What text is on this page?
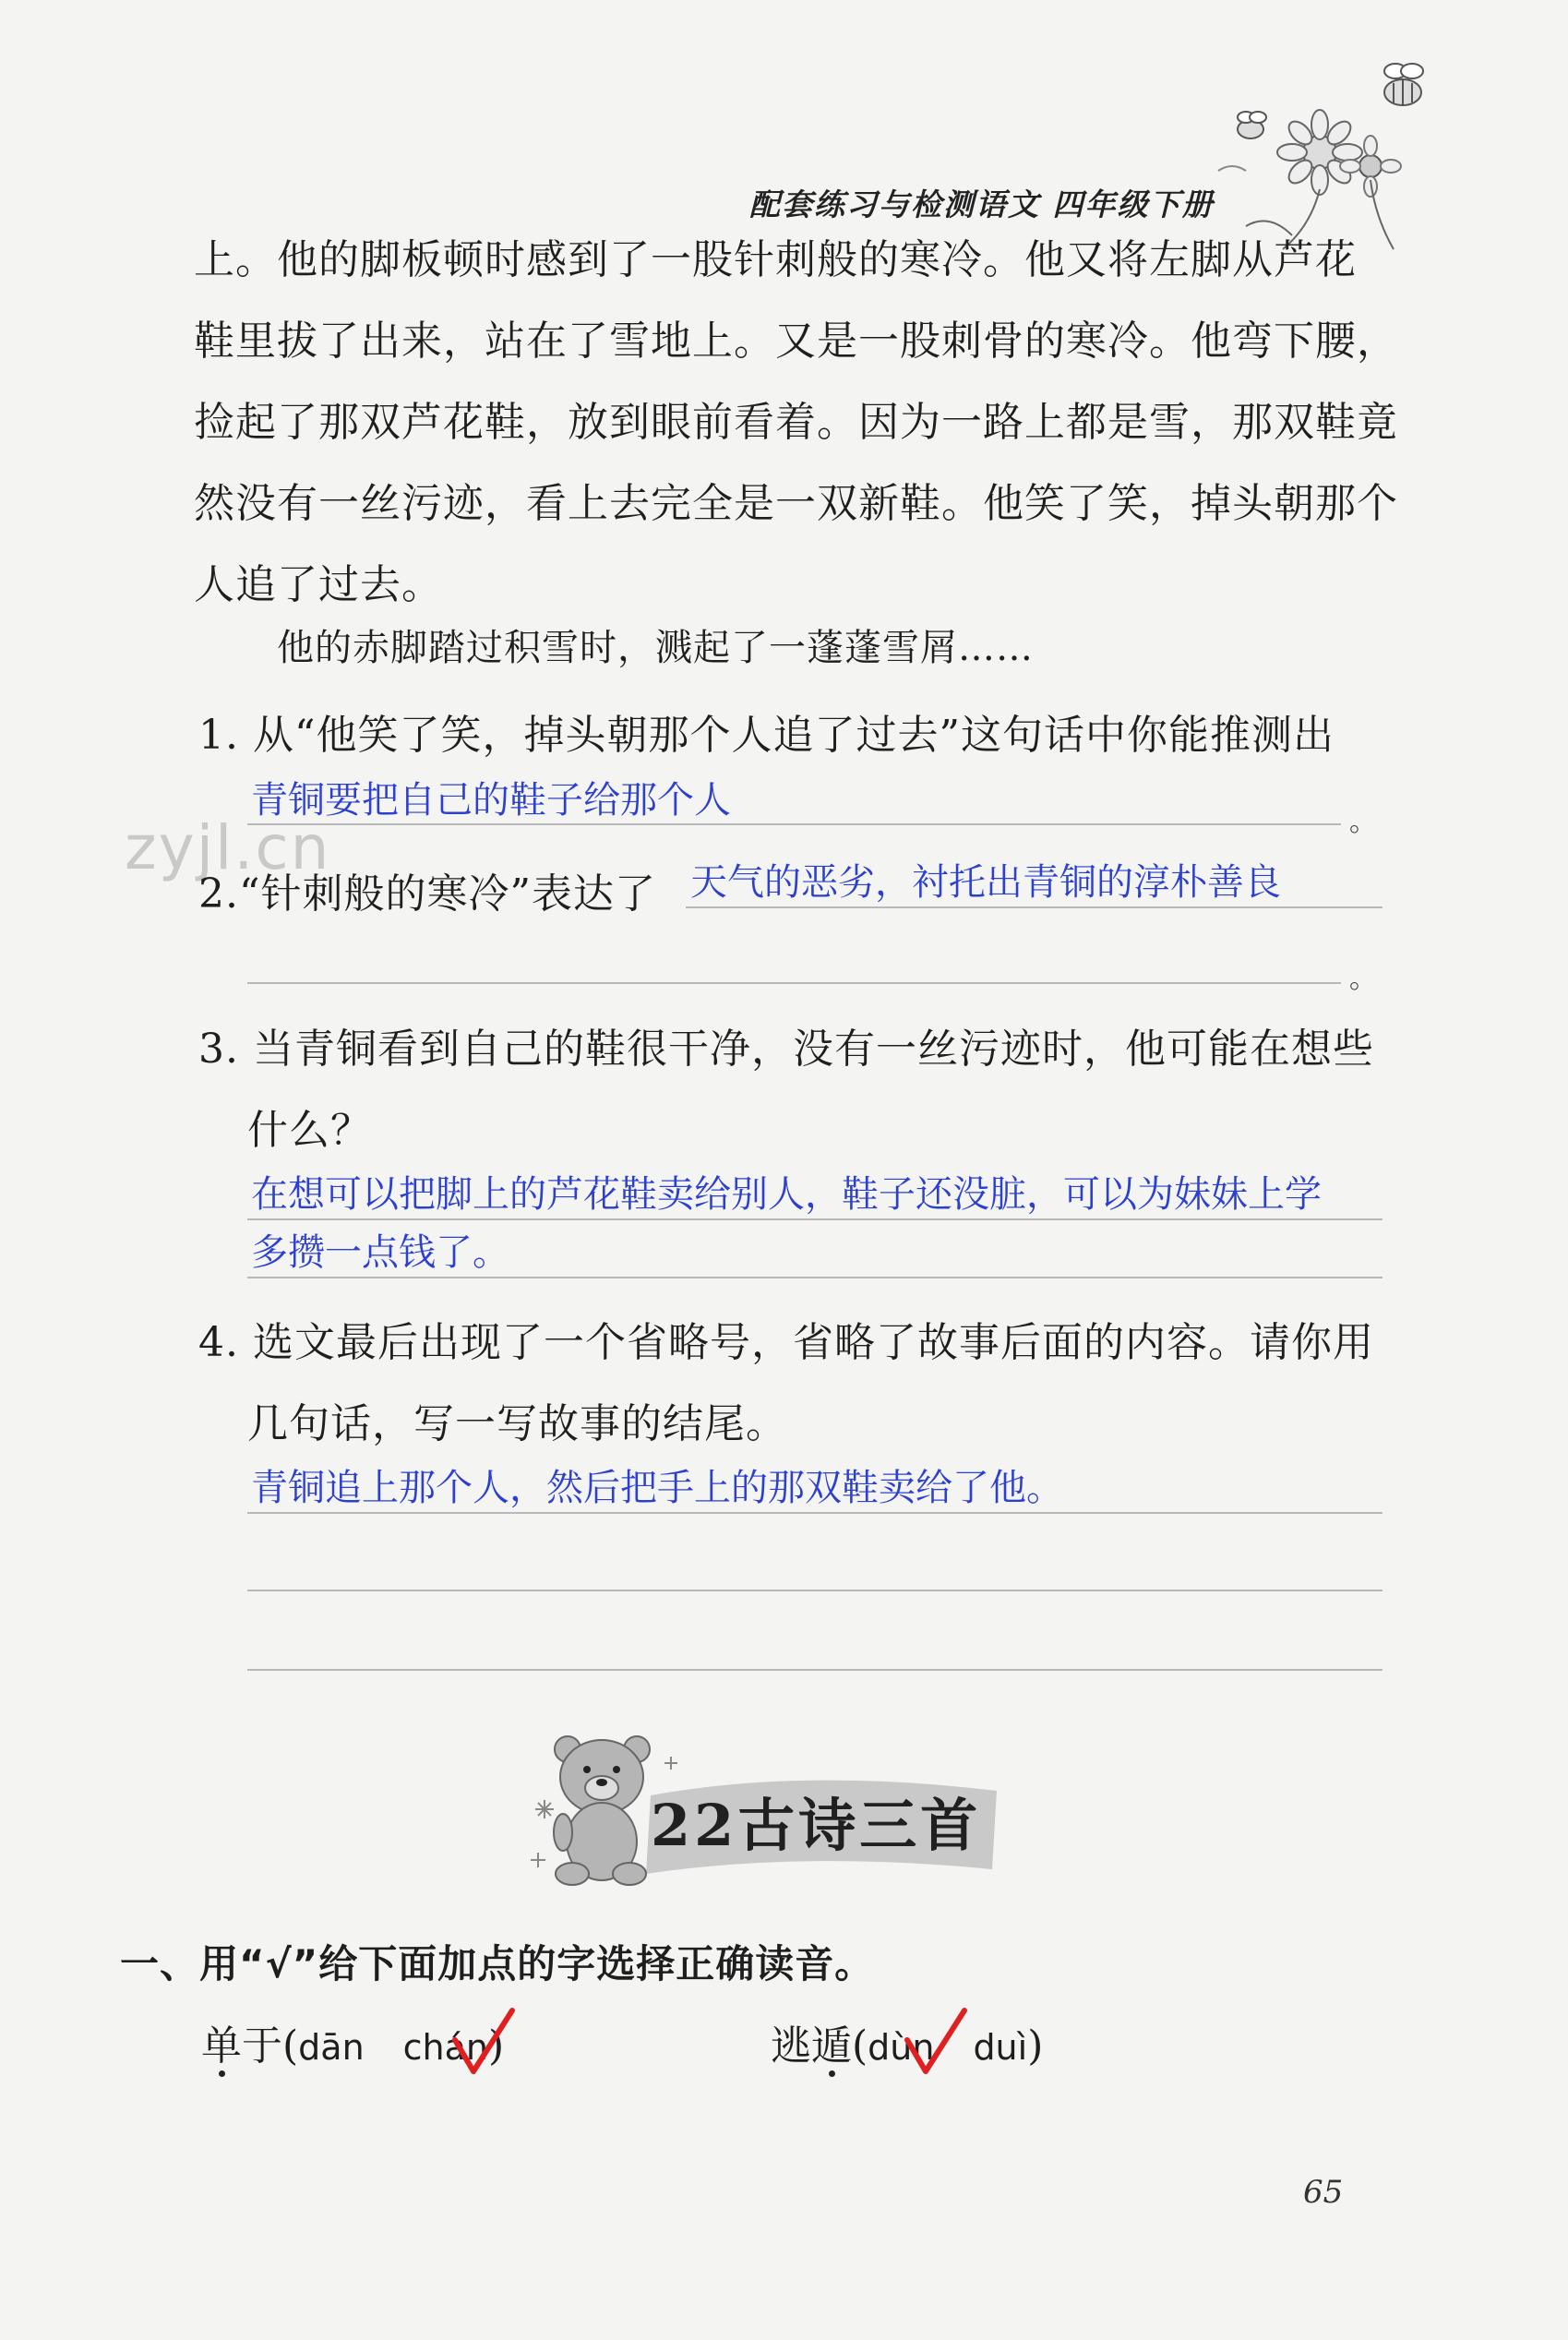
配套练习与检测语文 四年级下册
zyjl.cn

上。他的脚板顿时感到了一股针刺般的寒冷。他又将左脚从芦花
鞋里拔了出来，站在了雪地上。又是一股刺骨的寒冷。他弯下腰，
捡起了那双芦花鞋，放到眼前看着。因为一路上都是雪，那双鞋竟
然没有一丝污迹，看上去完全是一双新鞋。他笑了笑，掉头朝那个
人追了过去。

他的赤脚踏过积雪时，溅起了一蓬蓬雪屑……
1. 从“他笑了笑，掉头朝那个人追了过去”这句话中你能推测出
青铜要把自己的鞋子给那个人
。
2.“针刺般的寒冷”表达了 天气的恶劣，衬托出青铜的淳朴善良
。
3. 当青铜看到自己的鞋很干净，没有一丝污迹时，他可能在想些
什么？
在想可以把脚上的芦花鞋卖给别人，鞋子还没脏，可以为妹妹上学
多攒一点钱了。
4. 选文最后出现了一个省略号，省略了故事后面的内容。请你用
几句话，写一写故事的结尾。
青铜追上那个人，然后把手上的那双鞋卖给了他。
22古诗三首
一、用“√”给下面加点的字选择正确读音。
单于(dān chán)	逃遁(dùn duì)
65
